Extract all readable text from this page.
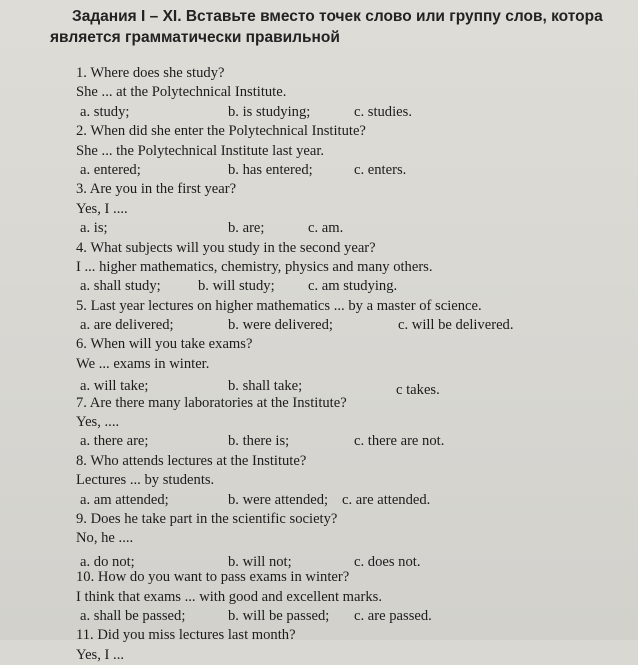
Задания I – XI. Вставьте вместо точек слово или группу слов, котора
является грамматически правильной
1. Where does she study?
She ... at the Polytechnical Institute.
a. study;	b. is studying;	c. studies.
2. When did she enter the Polytechnical Institute?
She ... the Polytechnical Institute last year.
a. entered;	b. has entered;	c. enters.
3. Are you in the first year?
Yes, I ....
a. is;	b. are;	c. am.
4. What subjects will you study in the second year?
I ... higher mathematics, chemistry, physics and many others.
a. shall study;	b. will study; c. am studying.
5. Last year lectures on higher mathematics ... by a master of science.
a. are delivered;	b. were delivered;	c. will be delivered.
6. When will you take exams?
We ... exams in winter.
a. will take;	b. shall take;	c takes.
7. Are there many laboratories at the Institute?
Yes, ....
a. there are;	b. there is;	c. there are not.
8. Who attends lectures at the Institute?
Lectures ... by students.
a. am attended;	b. were attended; c. are attended.
9. Does he take part in the scientific society?
No, he ....
a. do not;	b. will not;	c. does not.
10. How do you want to pass exams in winter?
I think that exams ... with good and excellent marks.
a. shall be passed;	b. will be passed; c. are passed.
11. Did you miss lectures last month?
Yes, I ...
